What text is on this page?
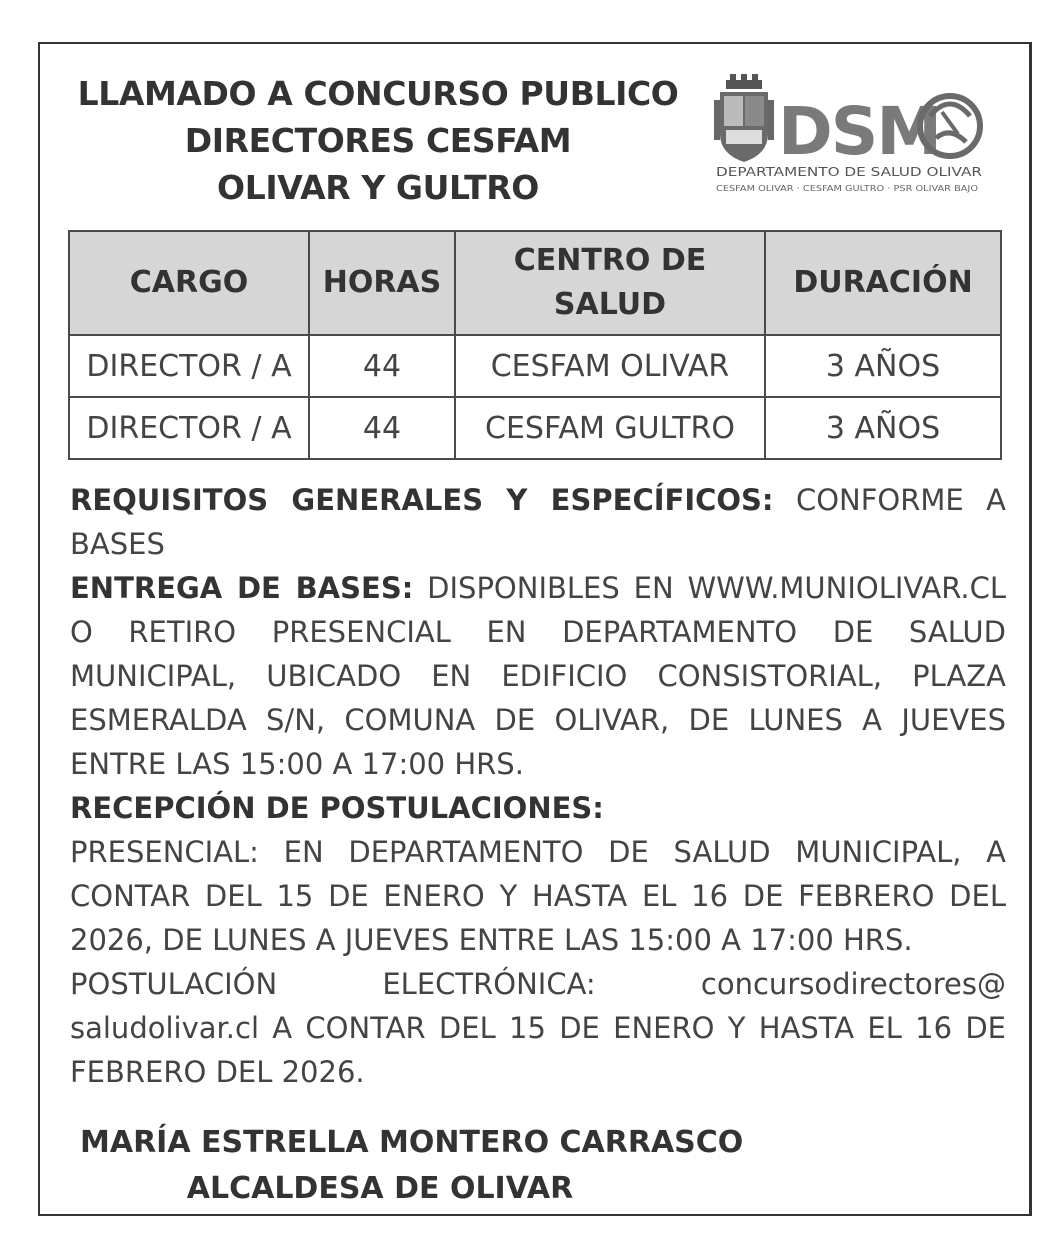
LLAMADO A CONCURSO PUBLICO
DIRECTORES CESFAM
OLIVAR Y GULTRO
DSM
DEPARTAMENTO DE SALUD OLIVAR
CESFAM OLIVAR · CESFAM GULTRO · PSR OLIVAR BAJO
CARGO	HORAS	CENTRO DE SALUD	DURACIÓN
DIRECTOR / A	44	CESFAM OLIVAR	3 AÑOS
DIRECTOR / A	44	CESFAM GULTRO	3 AÑOS
REQUISITOS GENERALES Y ESPECÍFICOS: CONFORME A BASES
ENTREGA DE BASES: DISPONIBLES EN WWW.MUNIOLIVAR.CL O RETIRO PRESENCIAL EN DEPARTAMENTO DE SALUD MUNICIPAL, UBICADO EN EDIFICIO CONSISTORIAL, PLAZA ESMERALDA S/N, COMUNA DE OLIVAR, DE LUNES A JUEVES ENTRE LAS 15:00 A 17:00 HRS.
RECEPCIÓN DE POSTULACIONES:
PRESENCIAL: EN DEPARTAMENTO DE SALUD MUNICIPAL, A CONTAR DEL 15 DE ENERO Y HASTA EL 16 DE FEBRERO DEL 2026, DE LUNES A JUEVES ENTRE LAS 15:00 A 17:00 HRS.
POSTULACIÓN	ELECTRÓNICA:	concursodirectores@
saludolivar.cl A CONTAR DEL 15 DE ENERO Y HASTA EL 16 DE FEBRERO DEL 2026.
MARÍA ESTRELLA MONTERO CARRASCO
ALCALDESA DE OLIVAR
